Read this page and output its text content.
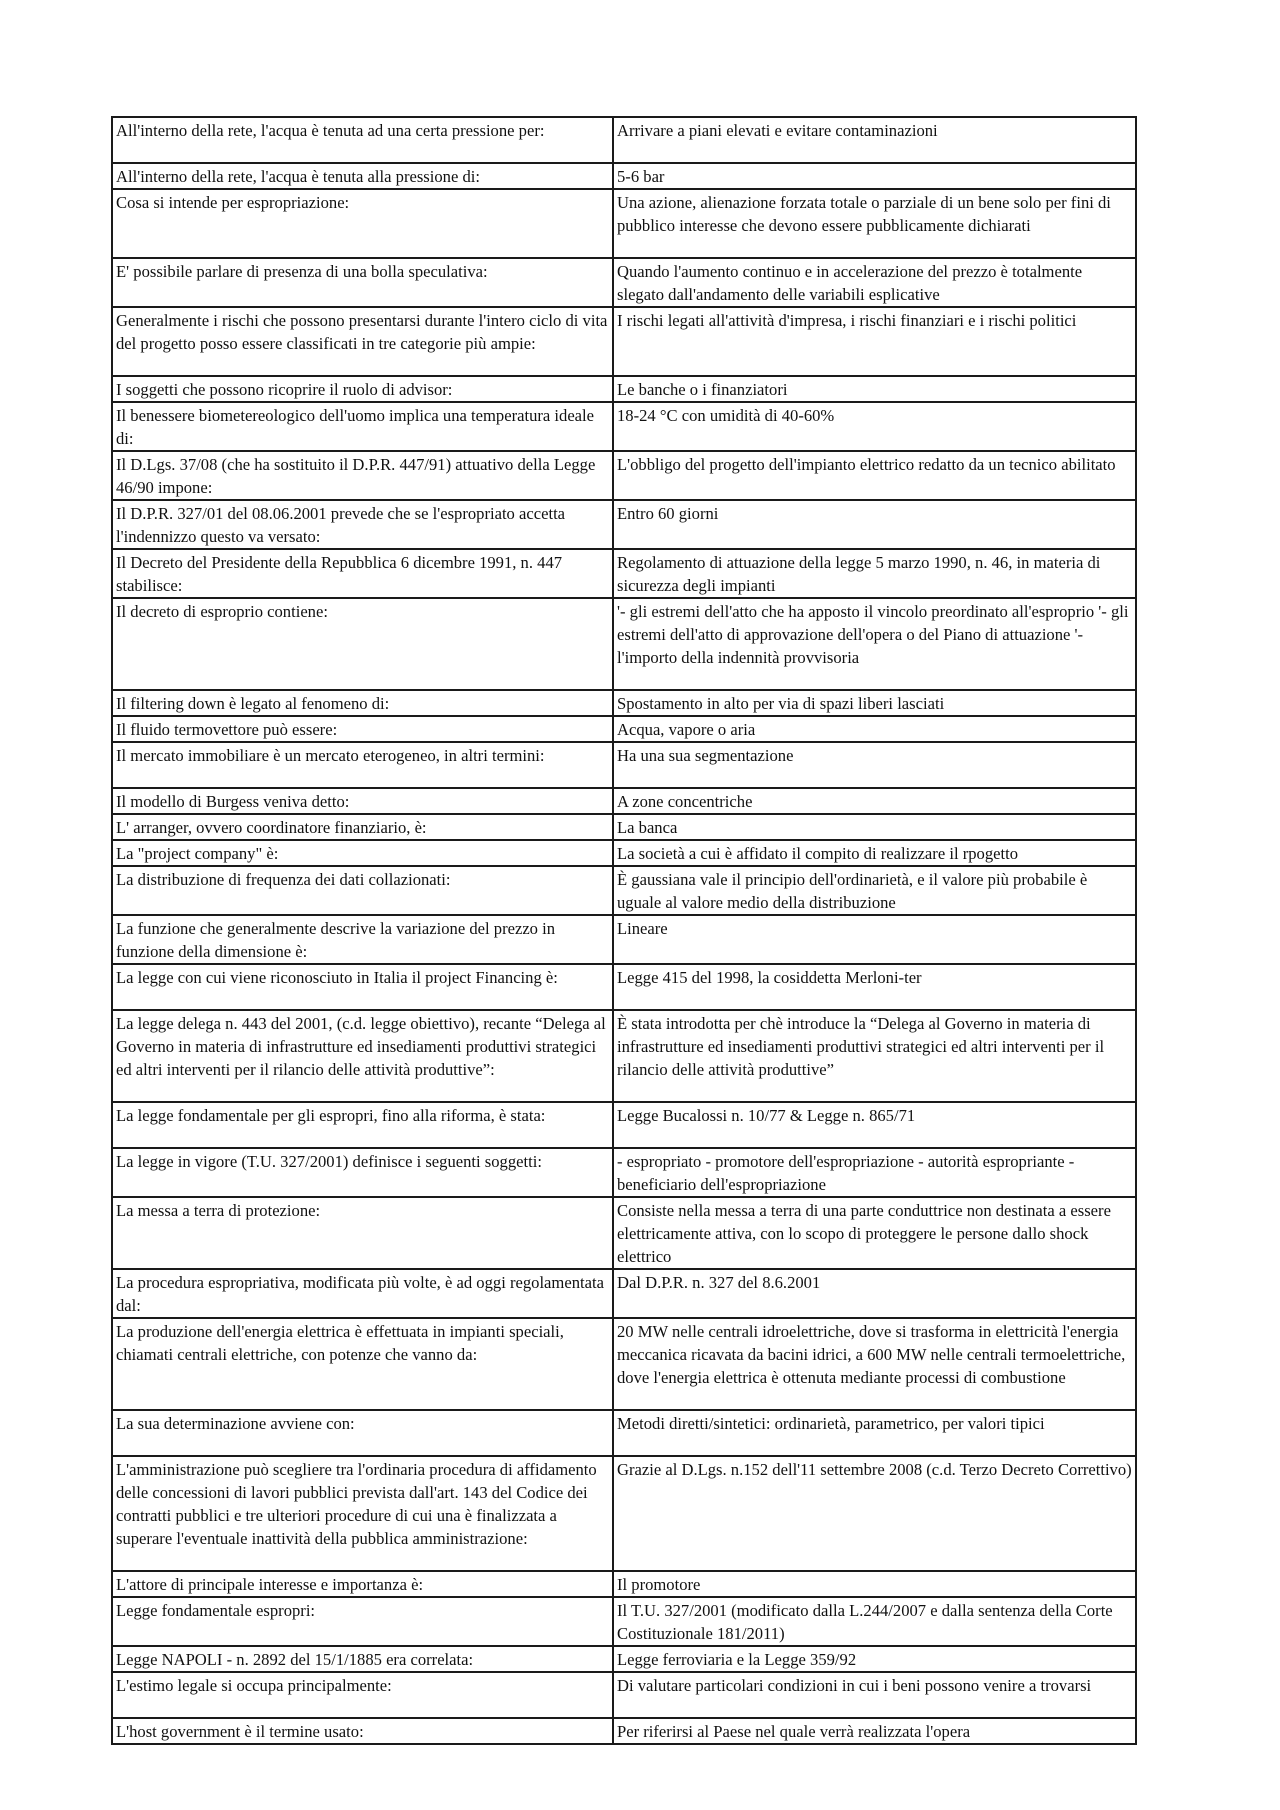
All'interno della rete, l'acqua è tenuta ad una certa pressione per:	Arrivare a piani elevati e evitare contaminazioni
All'interno della rete, l'acqua è tenuta alla pressione di:	5-6 bar
Cosa si intende per espropriazione:	Una azione, alienazione forzata totale o parziale di un bene solo per fini di pubblico interesse che devono essere pubblicamente dichiarati
E' possibile parlare di presenza di una bolla speculativa:	Quando l'aumento continuo e in accelerazione del prezzo è totalmente slegato dall'andamento delle variabili esplicative
Generalmente i rischi che possono presentarsi durante l'intero ciclo di vita del progetto posso essere classificati in tre categorie più ampie:	I rischi legati all'attività d'impresa, i rischi finanziari e i rischi politici
I soggetti che possono ricoprire il ruolo di advisor:	Le banche o i finanziatori
Il benessere biometereologico dell'uomo implica una temperatura ideale di:	18-24 °C con umidità di 40-60%
Il D.Lgs. 37/08 (che ha sostituito il D.P.R. 447/91) attuativo della Legge 46/90 impone:	L'obbligo del progetto dell'impianto elettrico redatto da un tecnico abilitato
Il D.P.R. 327/01 del 08.06.2001 prevede che se l'espropriato accetta l'indennizzo questo va versato:	Entro 60 giorni
Il Decreto del Presidente della Repubblica 6 dicembre 1991, n. 447 stabilisce:	Regolamento di attuazione della legge 5 marzo 1990, n. 46, in materia di sicurezza degli impianti
Il decreto di esproprio contiene:	'- gli estremi dell'atto che ha apposto il vincolo preordinato all'esproprio '- gli estremi dell'atto di approvazione dell'opera o del Piano di attuazione '- l'importo della indennità provvisoria
Il filtering down è legato al fenomeno di:	Spostamento in alto per via di spazi liberi lasciati
Il fluido termovettore può essere:	Acqua, vapore o aria
Il mercato immobiliare è un mercato eterogeneo, in altri termini:	Ha una sua segmentazione
Il modello di Burgess veniva detto:	A zone concentriche
L' arranger, ovvero coordinatore finanziario, è:	La banca
La "project company" è:	La società a cui è affidato il compito di realizzare il rpogetto
La distribuzione di frequenza dei dati collazionati:	È gaussiana vale il principio dell'ordinarietà, e il valore più probabile è uguale al valore medio della distribuzione
La funzione che generalmente descrive la variazione del prezzo in funzione della dimensione è:	Lineare
La legge con cui viene riconosciuto in Italia il project Financing è:	Legge 415 del 1998, la cosiddetta Merloni-ter
La legge delega n. 443 del 2001, (c.d. legge obiettivo), recante “Delega al Governo in materia di infrastrutture ed insediamenti produttivi strategici ed altri interventi per il rilancio delle attività produttive”:	È stata introdotta per chè introduce la “Delega al Governo in materia di infrastrutture ed insediamenti produttivi strategici ed altri interventi per il rilancio delle attività produttive”
La legge fondamentale per gli espropri, fino alla riforma, è stata:	Legge Bucalossi n. 10/77 & Legge n. 865/71
La legge in vigore (T.U. 327/2001) definisce i seguenti soggetti:	- espropriato - promotore dell'espropriazione - autorità espropriante - beneficiario dell'espropriazione
La messa a terra di protezione:	Consiste nella messa a terra di una parte conduttrice non destinata a essere elettricamente attiva, con lo scopo di proteggere le persone dallo shock elettrico
La procedura espropriativa, modificata più volte, è ad oggi regolamentata dal:	Dal D.P.R. n. 327 del 8.6.2001
La produzione dell'energia elettrica è effettuata in impianti speciali, chiamati centrali elettriche, con potenze che vanno da:	20 MW nelle centrali idroelettriche, dove si trasforma in elettricità l'energia meccanica ricavata da bacini idrici, a 600 MW nelle centrali termoelettriche, dove l'energia elettrica è ottenuta mediante processi di combustione
La sua determinazione avviene con:	Metodi diretti/sintetici: ordinarietà, parametrico, per valori tipici
L'amministrazione può scegliere tra l'ordinaria procedura di affidamento delle concessioni di lavori pubblici prevista dall'art. 143 del Codice dei contratti pubblici e tre ulteriori procedure di cui una è finalizzata a superare l'eventuale inattività della pubblica amministrazione:	Grazie al D.Lgs. n.152 dell'11 settembre 2008 (c.d. Terzo Decreto Correttivo)
L'attore di principale interesse e importanza è:	Il promotore
Legge fondamentale espropri:	Il T.U. 327/2001 (modificato dalla L.244/2007 e dalla sentenza della Corte Costituzionale 181/2011)
Legge NAPOLI - n. 2892 del 15/1/1885 era correlata:	Legge ferroviaria e la Legge 359/92
L'estimo legale si occupa principalmente:	Di valutare particolari condizioni in cui i beni possono venire a trovarsi
L'host government è il termine usato:	Per riferirsi al Paese nel quale verrà realizzata l'opera
